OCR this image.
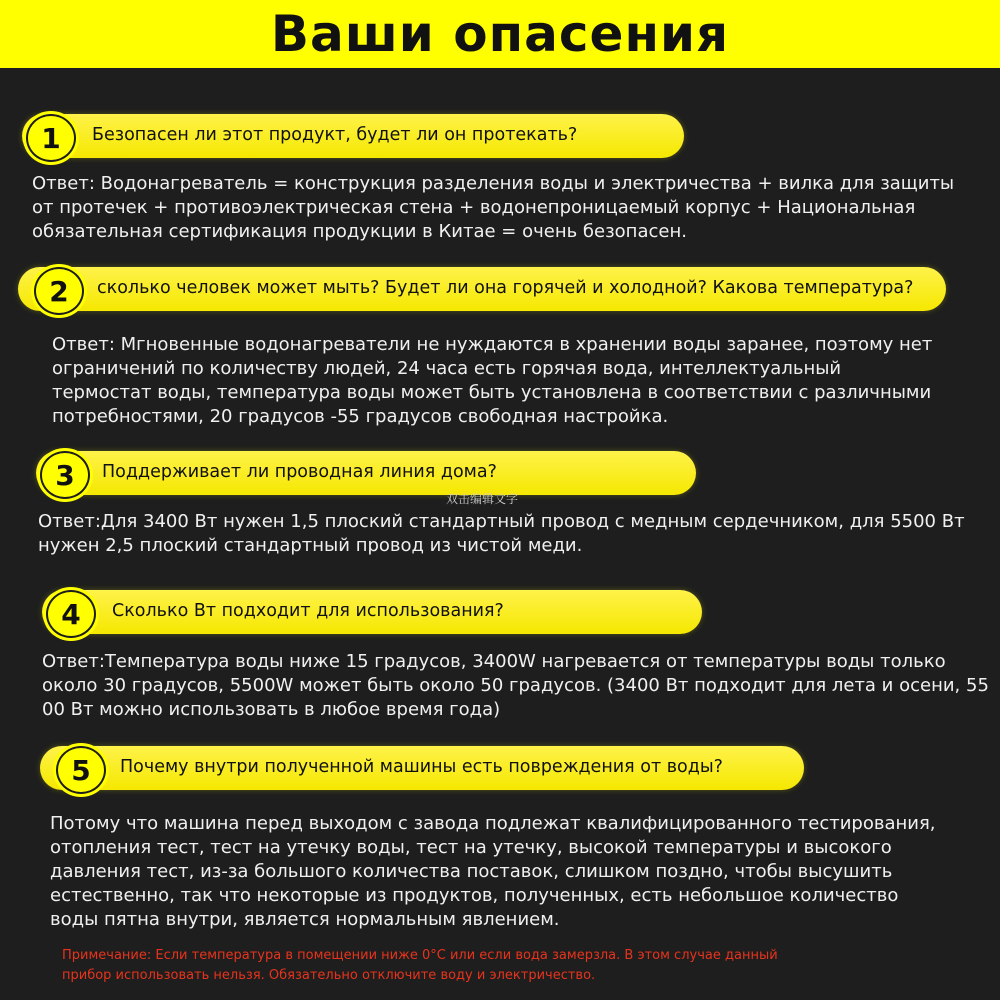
Ваши опасения
1	Безопасен ли этот продукт, будет ли он протекать?
Ответ: Водонагреватель = конструкция разделения воды и электричества + вилка для защиты
от протечек + противоэлектрическая стена + водонепроницаемый корпус + Национальная
обязательная сертификация продукции в Китае = очень безопасен.
2	сколько человек может мыть? Будет ли она горячей и холодной? Какова температура?
Ответ: Мгновенные водонагреватели не нуждаются в хранении воды заранее, поэтому нет
ограничений по количеству людей, 24 часа есть горячая вода, интеллектуальный
термостат воды, температура воды может быть установлена в соответствии с различными
потребностями, 20 градусов -55 градусов свободная настройка.
3	Поддерживает ли проводная линия дома?
双击编辑文字
Ответ:Для 3400 Вт нужен 1,5 плоский стандартный провод с медным сердечником, для 5500 Вт
нужен 2,5 плоский стандартный провод из чистой меди.
4	Сколько Вт подходит для использования?
Ответ:Температура воды ниже 15 градусов, 3400W нагревается от температуры воды только
около 30 градусов, 5500W может быть около 50 градусов. (3400 Вт подходит для лета и осени, 55
00 Вт можно использовать в любое время года)
5	Почему внутри полученной машины есть повреждения от воды?
Потому что машина перед выходом с завода подлежат квалифицированного тестирования,
отопления тест, тест на утечку воды, тест на утечку, высокой температуры и высокого
давления тест, из-за большого количества поставок, слишком поздно, чтобы высушить
естественно, так что некоторые из продуктов, полученных, есть небольшое количество
воды пятна внутри, является нормальным явлением.
Примечание: Если температура в помещении ниже 0°C или если вода замерзла. В этом случае данный
прибор использовать нельзя. Обязательно отключите воду и электричество.
